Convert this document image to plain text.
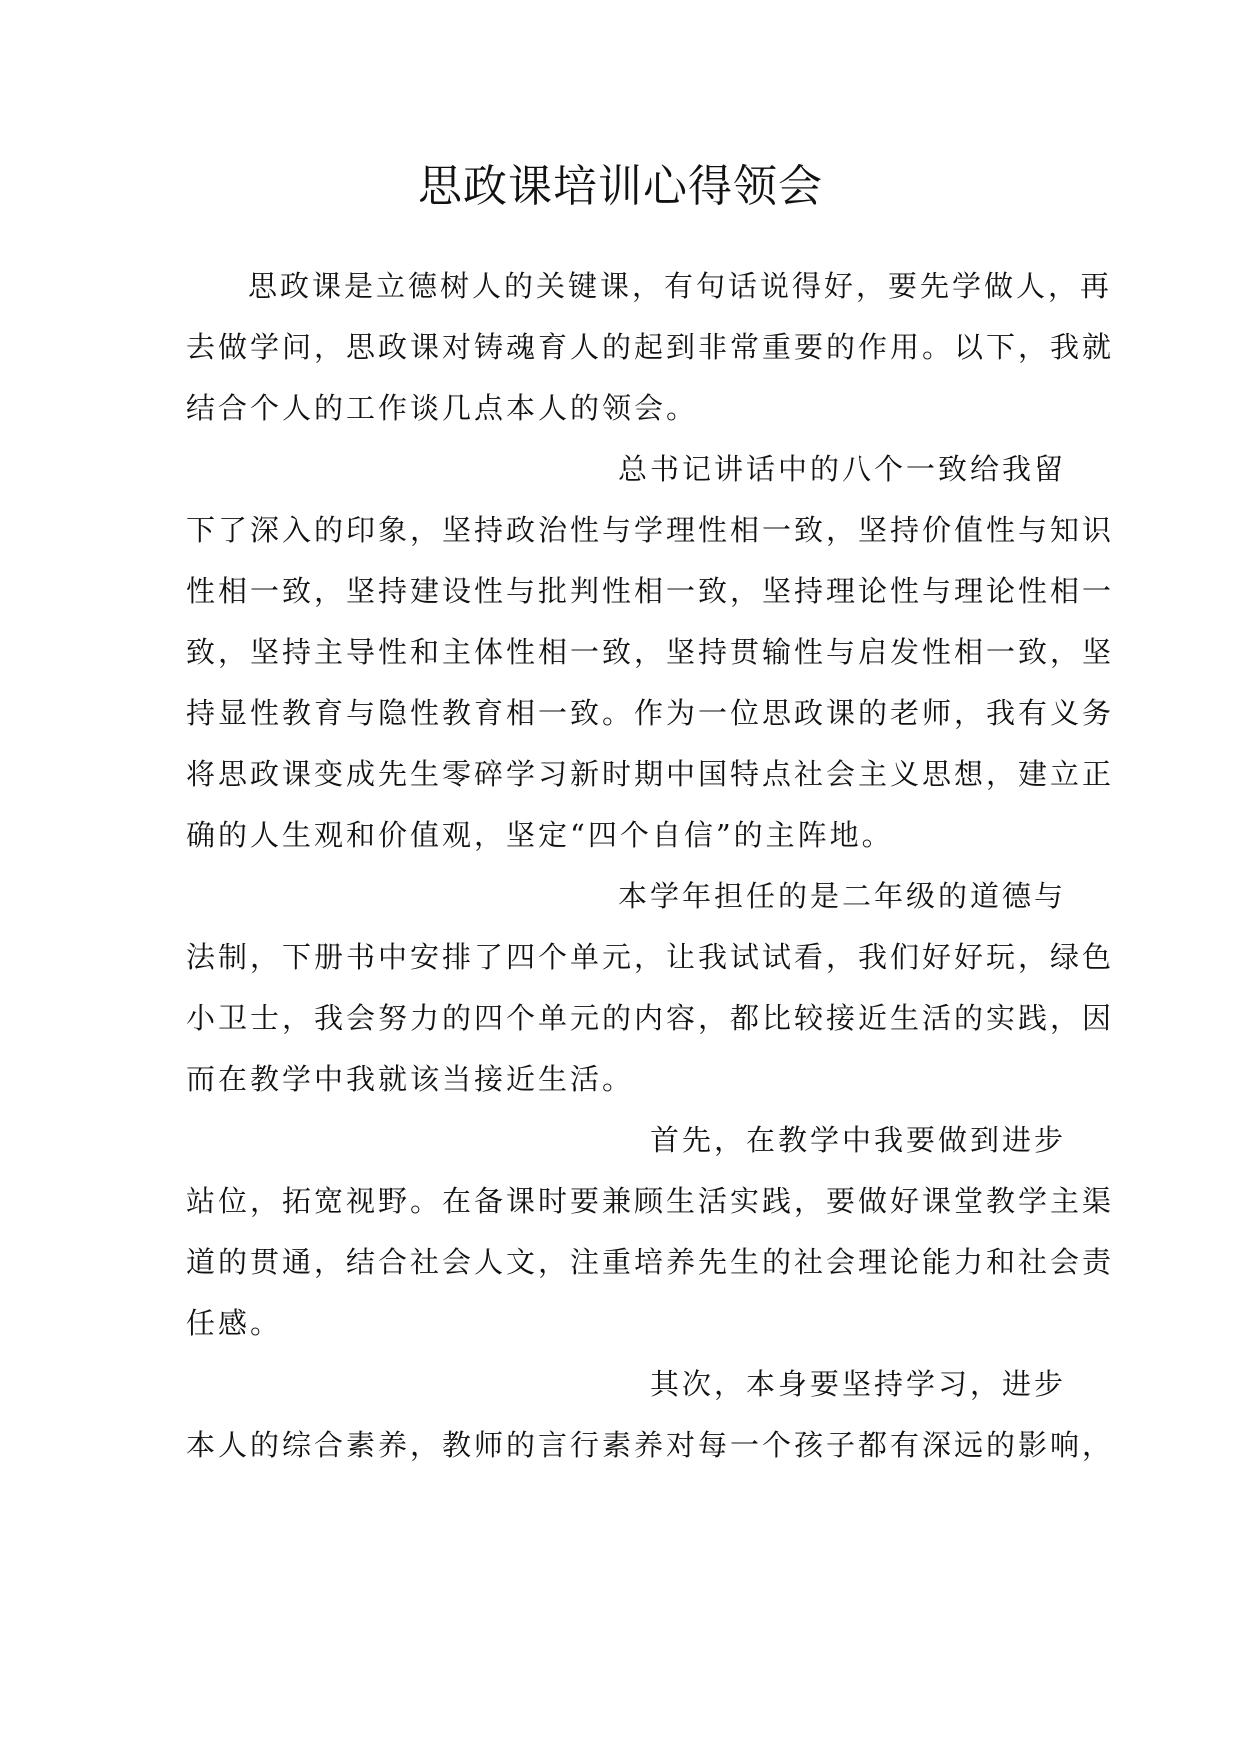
思政课培训心得领会

思政课是立德树人的关键课，有句话说得好，要先学做人，再

去做学问，思政课对铸魂育人的起到非常重要的作用。以下，我就

结合个人的工作谈几点本人的领会。

总书记讲话中的八个一致给我留

下了深入的印象，坚持政治性与学理性相一致，坚持价值性与知识

性相一致，坚持建设性与批判性相一致，坚持理论性与理论性相一

致，坚持主导性和主体性相一致，坚持贯输性与启发性相一致，坚

持显性教育与隐性教育相一致。作为一位思政课的老师，我有义务

将思政课变成先生零碎学习新时期中国特点社会主义思想，建立正

确的人生观和价值观，坚定“四个自信”的主阵地。

本学年担任的是二年级的道德与

法制，下册书中安排了四个单元，让我试试看，我们好好玩，绿色

小卫士，我会努力的四个单元的内容，都比较接近生活的实践，因

而在教学中我就该当接近生活。

首先，在教学中我要做到进步

站位，拓宽视野。在备课时要兼顾生活实践，要做好课堂教学主渠

道的贯通，结合社会人文，注重培养先生的社会理论能力和社会责

任感。

其次，本身要坚持学习，进步

本人的综合素养，教师的言行素养对每一个孩子都有深远的影响，
